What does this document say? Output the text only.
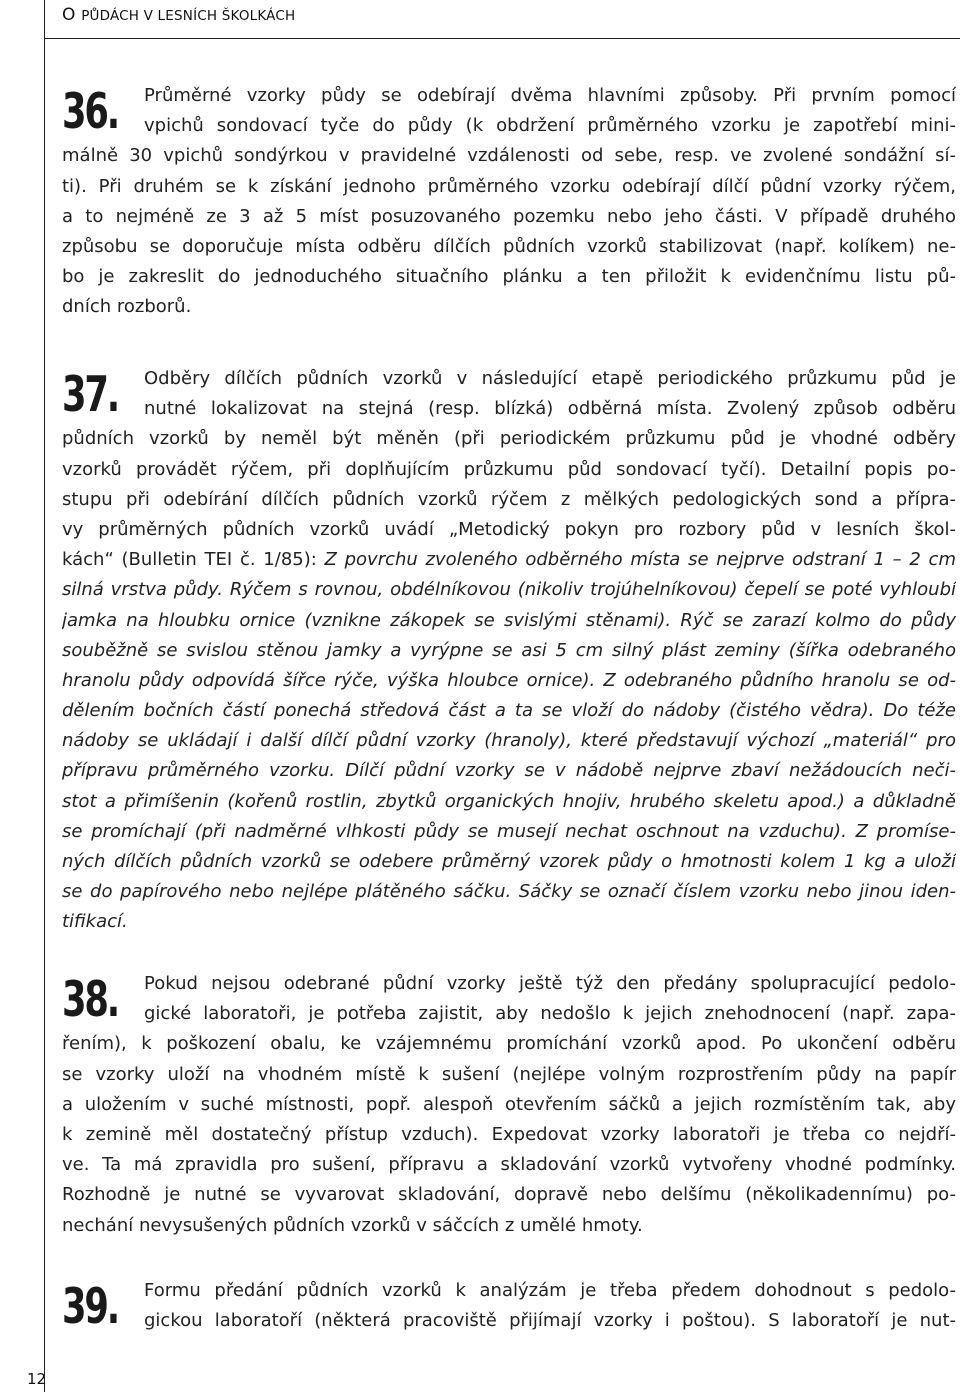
O PŮDÁCH V LESNÍCH ŠKOLKÁCH
12
36.	Průměrné vzorky půdy se odebírají dvěma hlavními způsoby. Při prvním pomocí
vpichů sondovací tyče do půdy (k obdržení průměrného vzorku je zapotřebí mini-
málně 30 vpichů sondýrkou v pravidelné vzdálenosti od sebe, resp. ve zvolené sondážní sí-
ti). Při druhém se k získání jednoho průměrného vzorku odebírají dílčí půdní vzorky rýčem,
a to nejméně ze 3 až 5 míst posuzovaného pozemku nebo jeho části. V případě druhého
způsobu se doporučuje místa odběru dílčích půdních vzorků stabilizovat (např. kolíkem) ne-
bo je zakreslit do jednoduchého situačního plánku a ten přiložit k evidenčnímu listu pů-
dních rozborů.
37.	Odběry dílčích půdních vzorků v následující etapě periodického průzkumu půd je
nutné lokalizovat na stejná (resp. blízká) odběrná místa. Zvolený způsob odběru
půdních vzorků by neměl být měněn (při periodickém průzkumu půd je vhodné odběry
vzorků provádět rýčem, při doplňujícím průzkumu půd sondovací tyčí). Detailní popis po-
stupu při odebírání dílčích půdních vzorků rýčem z mělkých pedologických sond a přípra-
vy průměrných půdních vzorků uvádí „Metodický pokyn pro rozbory půd v lesních škol-
kách“ (Bulletin TEI č. 1/85): Z povrchu zvoleného odběrného místa se nejprve odstraní 1 – 2 cm
silná vrstva půdy. Rýčem s rovnou, obdélníkovou (nikoliv trojúhelníkovou) čepelí se poté vyhloubí
jamka na hloubku ornice (vznikne zákopek se svislými stěnami). Rýč se zarazí kolmo do půdy
souběžně se svislou stěnou jamky a vyrýpne se asi 5 cm silný plást zeminy (šířka odebraného
hranolu půdy odpovídá šířce rýče, výška hloubce ornice). Z odebraného půdního hranolu se od-
dělením bočních částí ponechá středová část a ta se vloží do nádoby (čistého vědra). Do téže
nádoby se ukládají i další dílčí půdní vzorky (hranoly), které představují výchozí „materiál“ pro
přípravu průměrného vzorku. Dílčí půdní vzorky se v nádobě nejprve zbaví nežádoucích neči-
stot a přimíšenin (kořenů rostlin, zbytků organických hnojiv, hrubého skeletu apod.) a důkladně
se promíchají (při nadměrné vlhkosti půdy se musejí nechat oschnout na vzduchu). Z promíse-
ných dílčích půdních vzorků se odebere průměrný vzorek půdy o hmotnosti kolem 1 kg a uloží
se do papírového nebo nejlépe plátěného sáčku. Sáčky se označí číslem vzorku nebo jinou iden-
tifikací.
38.	Pokud nejsou odebrané půdní vzorky ještě týž den předány spolupracující pedolo-
gické laboratoři, je potřeba zajistit, aby nedošlo k jejich znehodnocení (např. zapa-
řením), k poškození obalu, ke vzájemnému promíchání vzorků apod. Po ukončení odběru
se vzorky uloží na vhodném místě k sušení (nejlépe volným rozprostřením půdy na papír
a uložením v suché místnosti, popř. alespoň otevřením sáčků a jejich rozmístěním tak, aby
k zemině měl dostatečný přístup vzduch). Expedovat vzorky laboratoři je třeba co nejdří-
ve. Ta má zpravidla pro sušení, přípravu a skladování vzorků vytvořeny vhodné podmínky.
Rozhodně je nutné se vyvarovat skladování, dopravě nebo delšímu (několikadennímu) po-
nechání nevysušených půdních vzorků v sáčcích z umělé hmoty.
39.	Formu předání půdních vzorků k analýzám je třeba předem dohodnout s pedolo-
gickou laboratoří (některá pracoviště přijímají vzorky i poštou). S laboratoří je nut-
